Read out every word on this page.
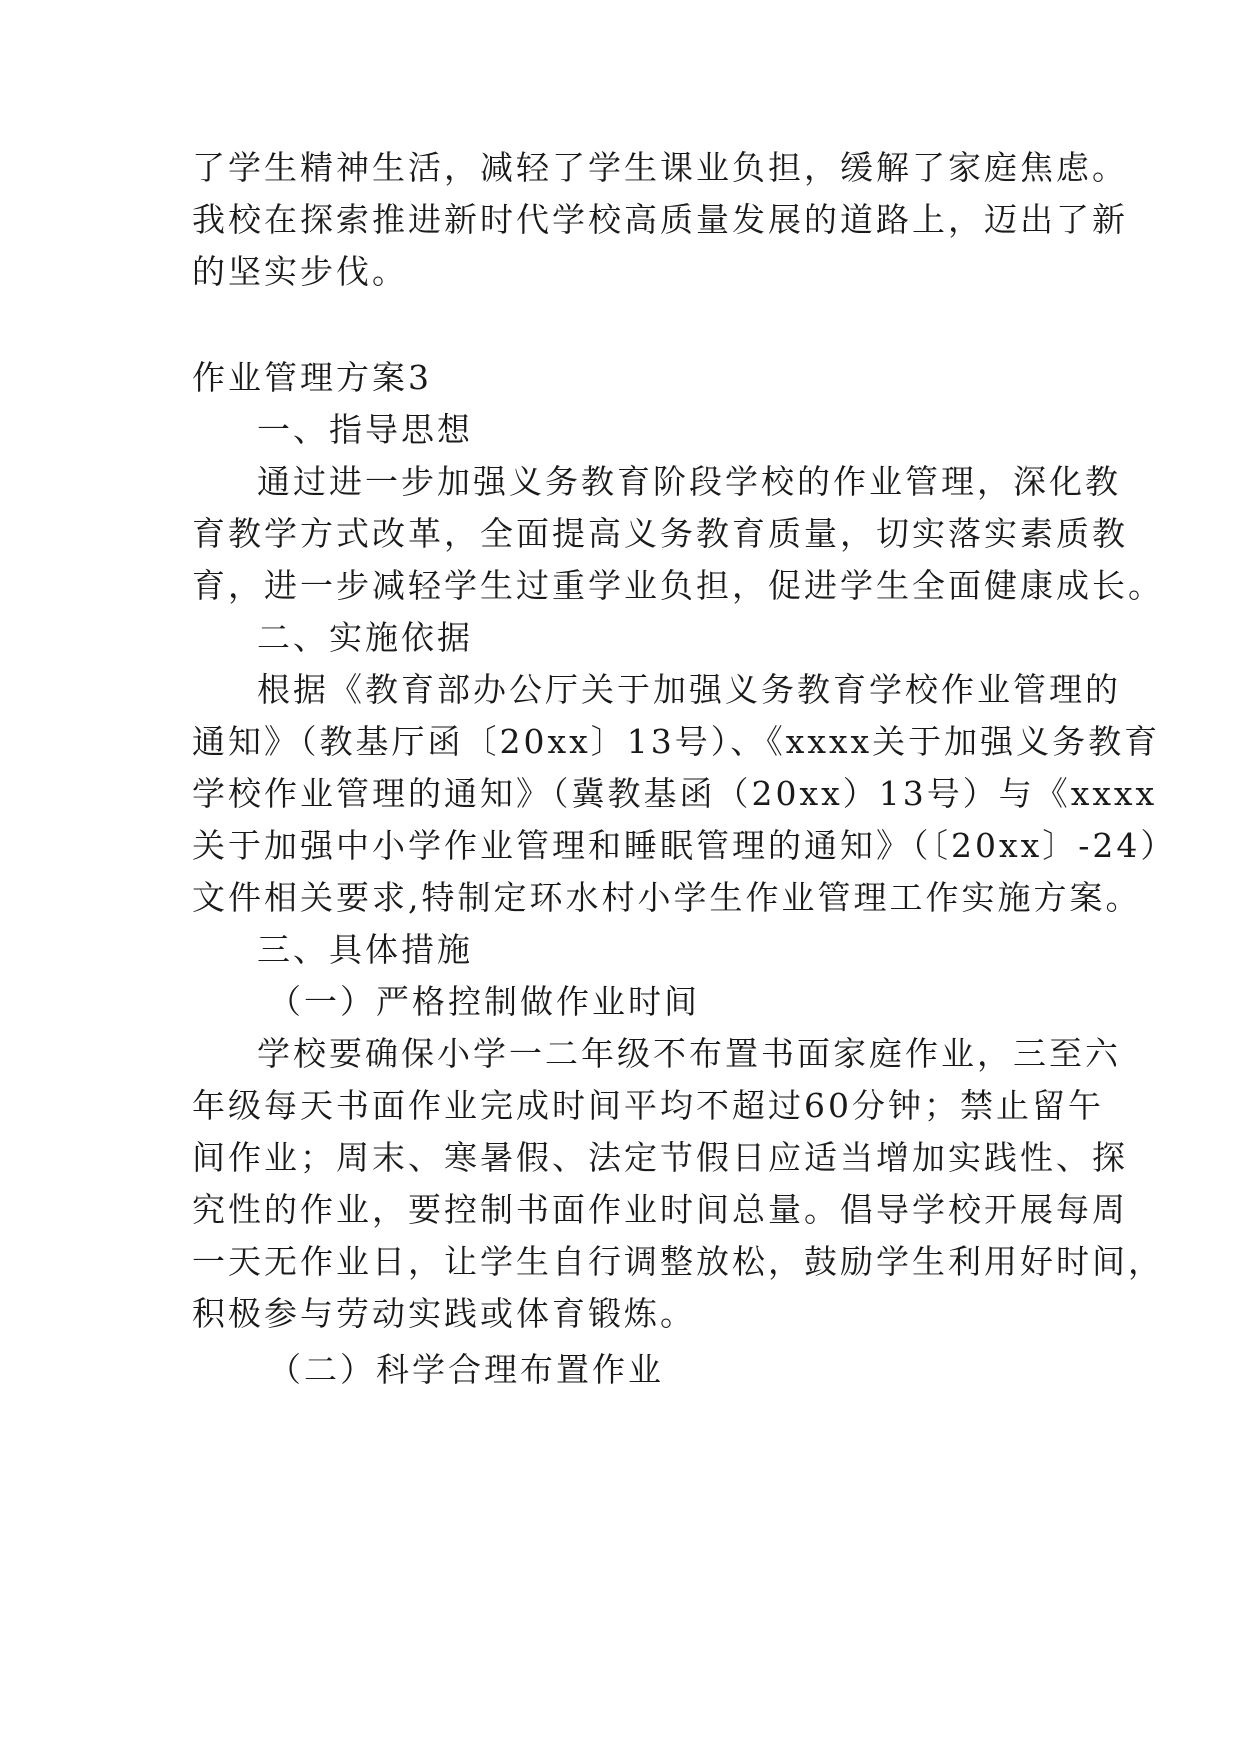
了学生精神生活，减轻了学生课业负担，缓解了家庭焦虑。

我校在探索推进新时代学校高质量发展的道路上，迈出了新

的坚实步伐。

作业管理方案3

一、指导思想

通过进一步加强义务教育阶段学校的作业管理，深化教

育教学方式改革，全面提高义务教育质量，切实落实素质教

育，进一步减轻学生过重学业负担，促进学生全面健康成长。

二、实施依据

根据《教育部办公厅关于加强义务教育学校作业管理的

通知》（教基厅函〔20xx〕13号）、《xxxx关于加强义务教育

学校作业管理的通知》（冀教基函（20xx）13号）与《xxxx

关于加强中小学作业管理和睡眠管理的通知》（〔20xx〕-24）

文件相关要求,特制定环水村小学生作业管理工作实施方案。

三、具体措施

（一）严格控制做作业时间

学校要确保小学一二年级不布置书面家庭作业，三至六

年级每天书面作业完成时间平均不超过60分钟；禁止留午

间作业；周末、寒暑假、法定节假日应适当增加实践性、探

究性的作业，要控制书面作业时间总量。倡导学校开展每周

一天无作业日，让学生自行调整放松，鼓励学生利用好时间，

积极参与劳动实践或体育锻炼。

（二）科学合理布置作业
